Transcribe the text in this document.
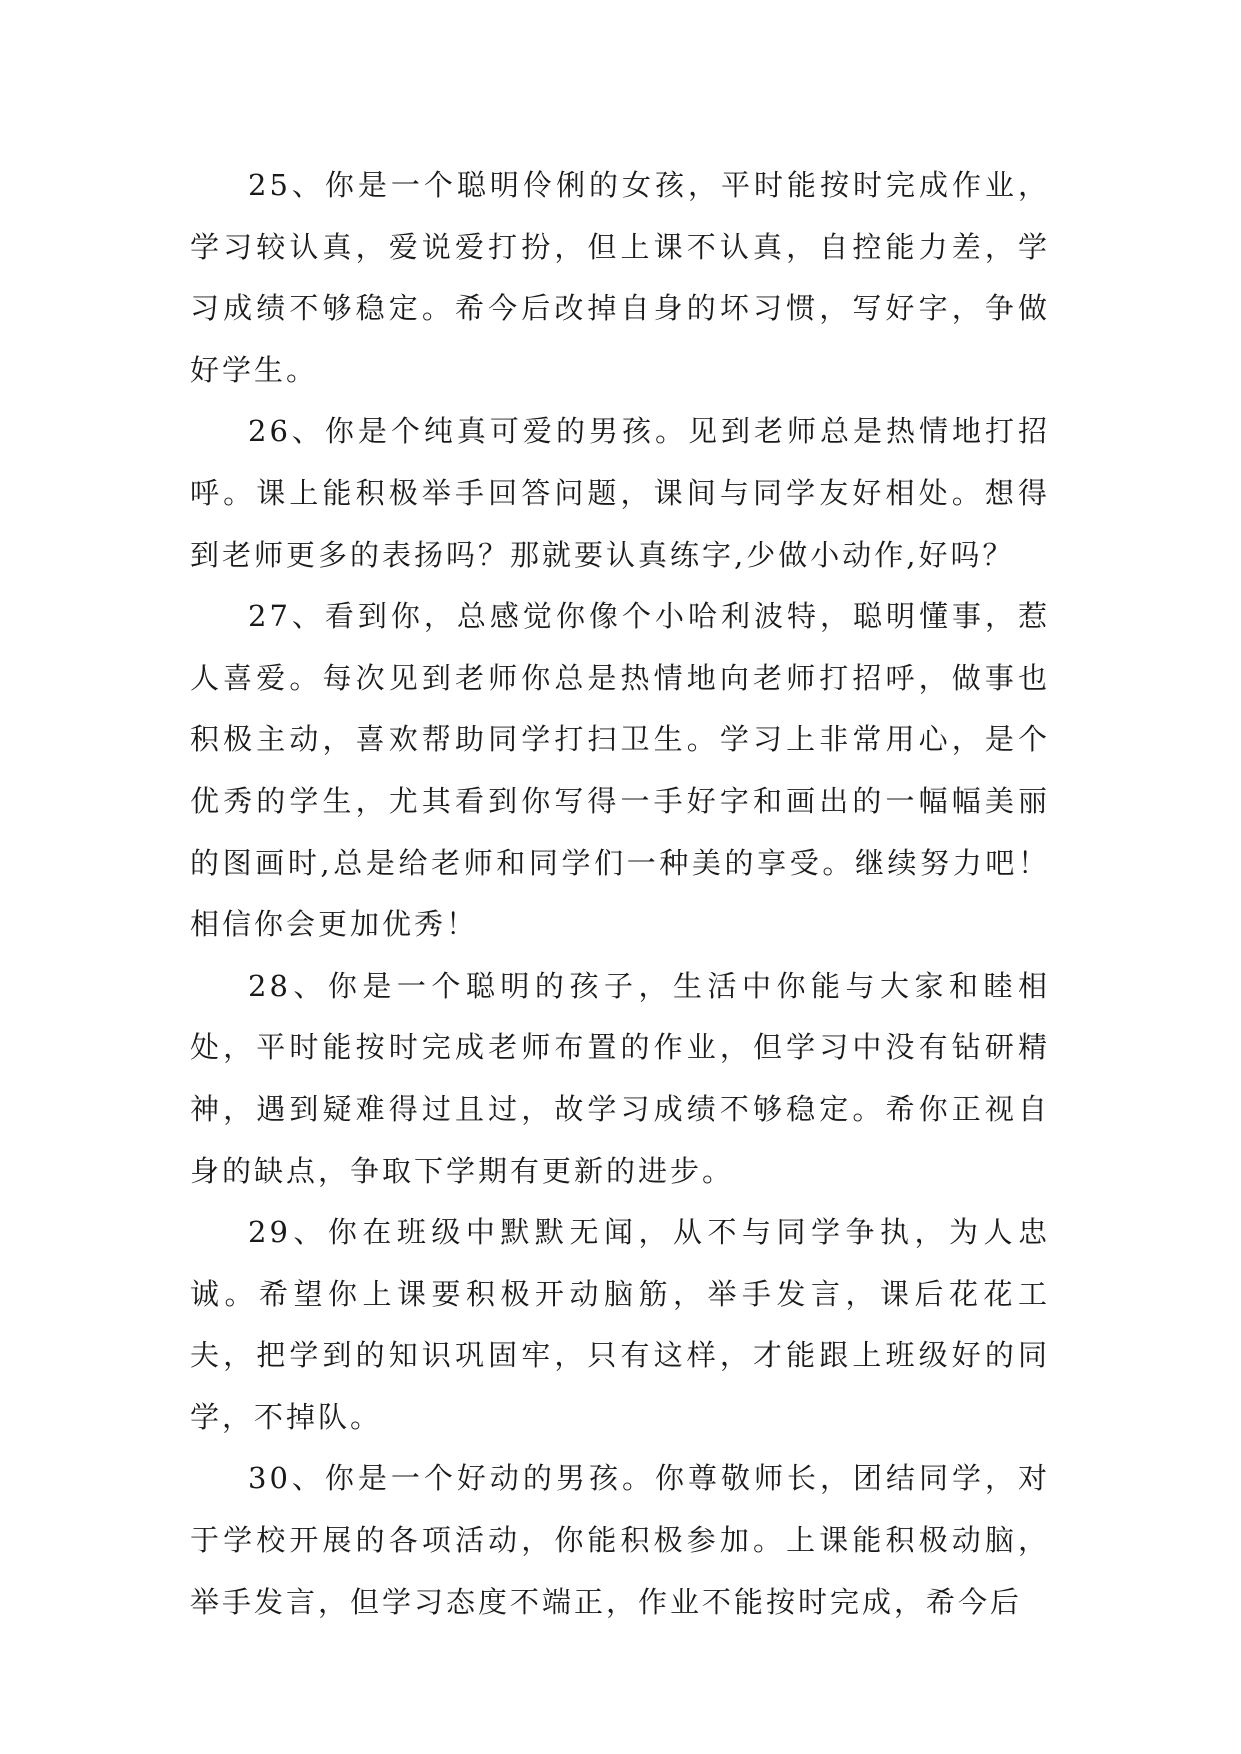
25、你是一个聪明伶俐的女孩，平时能按时完成作业，学习较认真，爱说爱打扮，但上课不认真，自控能力差，学习成绩不够稳定。希今后改掉自身的坏习惯，写好字，争做好学生。

26、你是个纯真可爱的男孩。见到老师总是热情地打招呼。课上能积极举手回答问题，课间与同学友好相处。想得到老师更多的表扬吗？那就要认真练字,少做小动作,好吗？

27、看到你，总感觉你像个小哈利波特，聪明懂事，惹人喜爱。每次见到老师你总是热情地向老师打招呼，做事也积极主动，喜欢帮助同学打扫卫生。学习上非常用心，是个优秀的学生，尤其看到你写得一手好字和画出的一幅幅美丽的图画时,总是给老师和同学们一种美的享受。继续努力吧！相信你会更加优秀！

28、你是一个聪明的孩子，生活中你能与大家和睦相处，平时能按时完成老师布置的作业，但学习中没有钻研精神，遇到疑难得过且过，故学习成绩不够稳定。希你正视自身的缺点，争取下学期有更新的进步。

29、你在班级中默默无闻，从不与同学争执，为人忠诚。希望你上课要积极开动脑筋，举手发言，课后花花工夫，把学到的知识巩固牢，只有这样，才能跟上班级好的同学，不掉队。

30、你是一个好动的男孩。你尊敬师长，团结同学，对于学校开展的各项活动，你能积极参加。上课能积极动脑，举手发言，但学习态度不端正，作业不能按时完成，希今后
